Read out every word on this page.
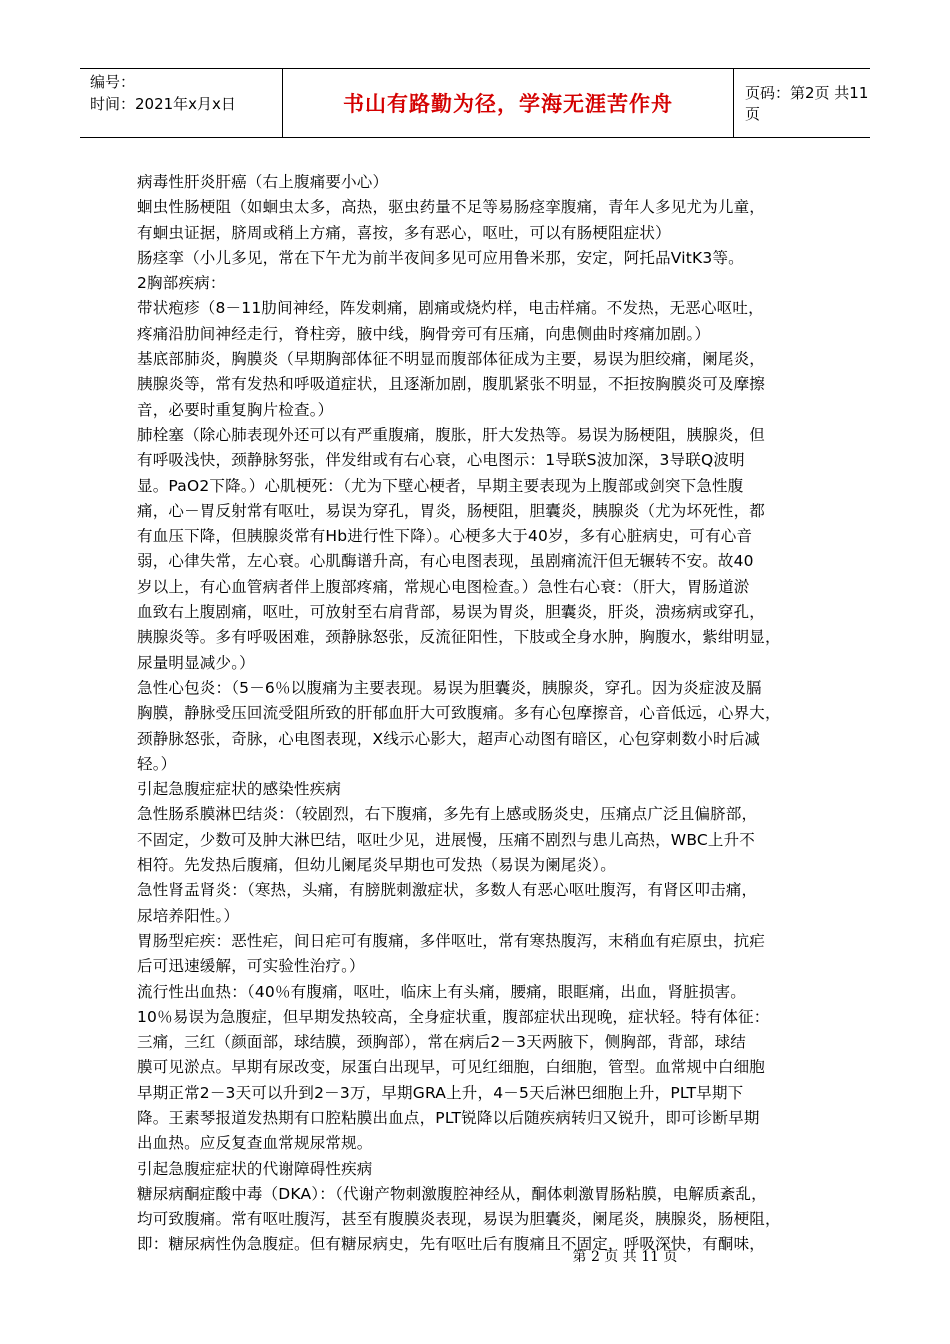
编号：
时间：2021年x月x日	书山有路勤为径，学海无涯苦作舟	页码：第2页 共11页
病毒性肝炎肝癌（右上腹痛要小心）
蛔虫性肠梗阻（如蛔虫太多，高热，驱虫药量不足等易肠痉挛腹痛，青年人多见尤为儿童，
有蛔虫证据，脐周或稍上方痛，喜按，多有恶心，呕吐，可以有肠梗阻症状）
肠痉挛（小儿多见，常在下午尤为前半夜间多见可应用鲁米那，安定，阿托品VitK3等。
2胸部疾病：
带状疱疹（8－11肋间神经，阵发刺痛，剧痛或烧灼样，电击样痛。不发热，无恶心呕吐，
疼痛沿肋间神经走行，脊柱旁，腋中线，胸骨旁可有压痛，向患侧曲时疼痛加剧。）
基底部肺炎，胸膜炎（早期胸部体征不明显而腹部体征成为主要，易误为胆绞痛，阑尾炎，
胰腺炎等，常有发热和呼吸道症状，且逐渐加剧，腹肌紧张不明显，不拒按胸膜炎可及摩擦
音，必要时重复胸片检查。）
肺栓塞（除心肺表现外还可以有严重腹痛，腹胀，肝大发热等。易误为肠梗阻，胰腺炎，但
有呼吸浅快，颈静脉努张，伴发绀或有右心衰，心电图示：1导联S波加深，3导联Q波明
显。PaO2下降。）心肌梗死：（尤为下壁心梗者，早期主要表现为上腹部或剑突下急性腹
痛，心－胃反射常有呕吐，易误为穿孔，胃炎，肠梗阻，胆囊炎，胰腺炎（尤为坏死性，都
有血压下降，但胰腺炎常有Hb进行性下降）。心梗多大于40岁，多有心脏病史，可有心音
弱，心律失常，左心衰。心肌酶谱升高，有心电图表现，虽剧痛流汗但无辗转不安。故40
岁以上，有心血管病者伴上腹部疼痛，常规心电图检查。）急性右心衰：（肝大，胃肠道淤
血致右上腹剧痛，呕吐，可放射至右肩背部，易误为胃炎，胆囊炎，肝炎，溃疡病或穿孔，
胰腺炎等。多有呼吸困难，颈静脉怒张，反流征阳性，下肢或全身水肿，胸腹水，紫绀明显，
尿量明显减少。）
急性心包炎：（5－6％以腹痛为主要表现。易误为胆囊炎，胰腺炎，穿孔。因为炎症波及膈
胸膜，静脉受压回流受阻所致的肝郁血肝大可致腹痛。多有心包摩擦音，心音低远，心界大，
颈静脉怒张，奇脉，心电图表现，X线示心影大，超声心动图有暗区，心包穿刺数小时后减
轻。）
引起急腹症症状的感染性疾病
急性肠系膜淋巴结炎：（较剧烈，右下腹痛，多先有上感或肠炎史，压痛点广泛且偏脐部，
不固定，少数可及肿大淋巴结，呕吐少见，进展慢，压痛不剧烈与患儿高热，WBC上升不
相符。先发热后腹痛，但幼儿阑尾炎早期也可发热（易误为阑尾炎）。
急性肾盂肾炎：（寒热，头痛，有膀胱刺激症状，多数人有恶心呕吐腹泻，有肾区叩击痛，
尿培养阳性。）
胃肠型疟疾：恶性疟，间日疟可有腹痛，多伴呕吐，常有寒热腹泻，末稍血有疟原虫，抗疟
后可迅速缓解，可实验性治疗。）
流行性出血热：（40％有腹痛，呕吐，临床上有头痛，腰痛，眼眶痛，出血，肾脏损害。
10％易误为急腹症，但早期发热较高，全身症状重，腹部症状出现晚，症状轻。特有体征：
三痛，三红（颜面部，球结膜，颈胸部），常在病后2－3天两腋下，侧胸部，背部，球结
膜可见淤点。早期有尿改变，尿蛋白出现早，可见红细胞，白细胞，管型。血常规中白细胞
早期正常2－3天可以升到2－3万，早期GRA上升，4－5天后淋巴细胞上升，PLT早期下
降。王素琴报道发热期有口腔粘膜出血点，PLT锐降以后随疾病转归又锐升，即可诊断早期
出血热。应反复查血常规尿常规。
引起急腹症症状的代谢障碍性疾病
糖尿病酮症酸中毒（DKA）：（代谢产物刺激腹腔神经从，酮体刺激胃肠粘膜，电解质紊乱，
均可致腹痛。常有呕吐腹泻，甚至有腹膜炎表现，易误为胆囊炎，阑尾炎，胰腺炎，肠梗阻，
即：糖尿病性伪急腹症。但有糖尿病史，先有呕吐后有腹痛且不固定，呼吸深快，有酮味，
第 2 页 共 11 页
